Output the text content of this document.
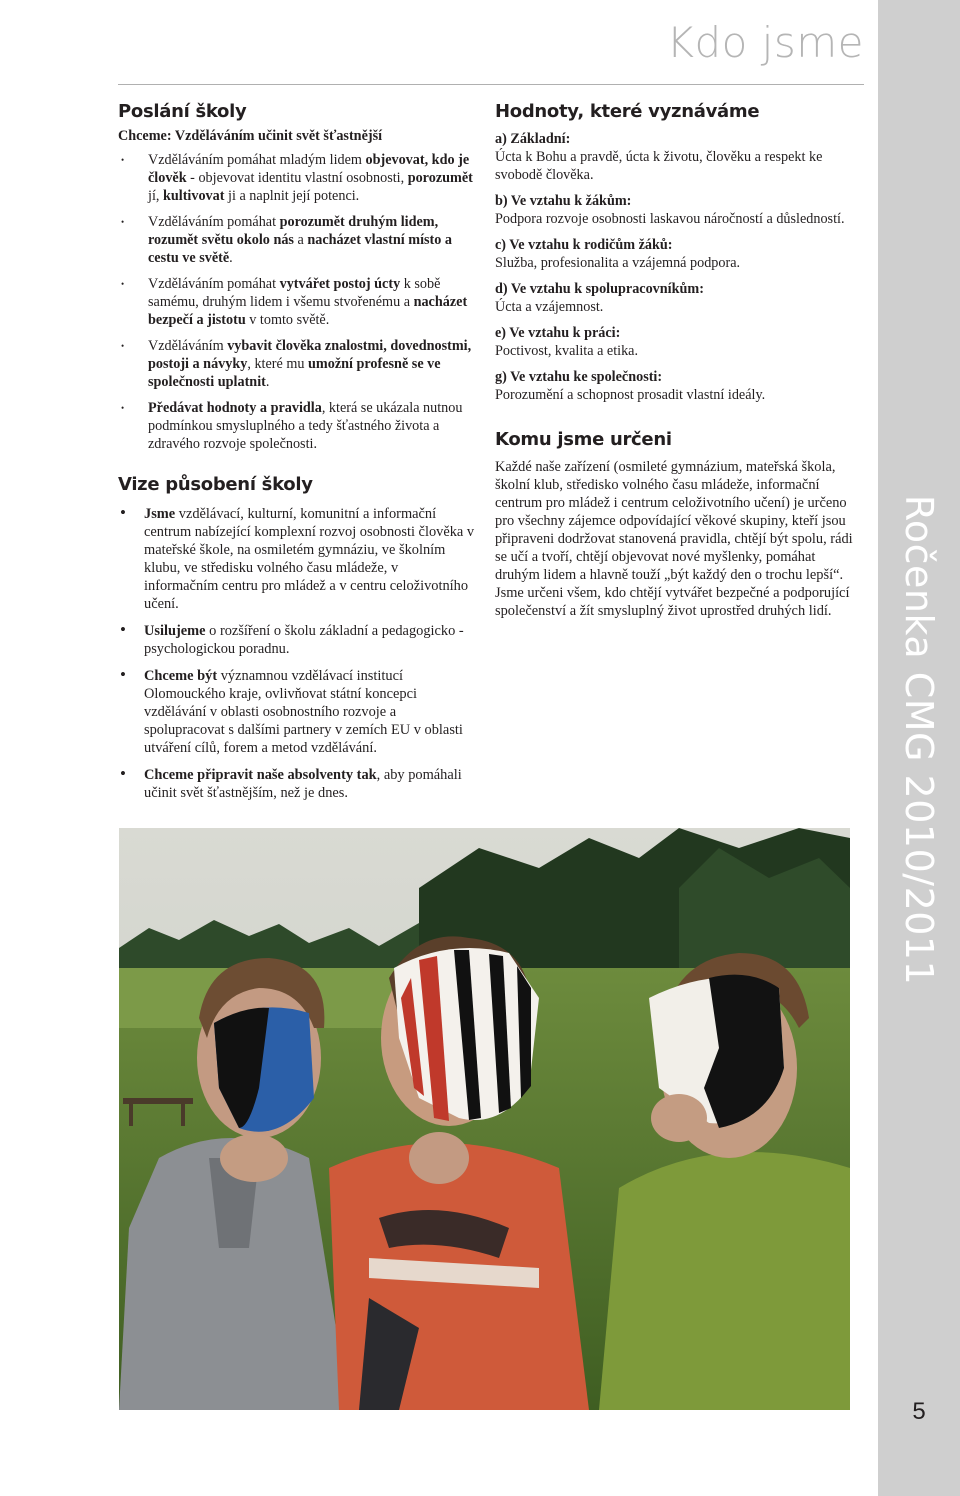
Kdo jsme
Ročenka CMG 2010/2011
5
Poslání školy
Chceme: Vzděláváním učinit svět šťastnější
• Vzděláváním pomáhat mladým lidem objevovat, kdo je člověk - objevovat identitu vlastní osobnosti, porozumět jí, kultivovat ji a naplnit její potenci.
• Vzděláváním pomáhat porozumět druhým lidem, rozumět světu okolo nás a nacházet vlastní místo a cestu ve světě.
• Vzděláváním pomáhat vytvářet postoj úcty k sobě samému, druhým lidem i všemu stvořenému a nacházet bezpečí a jistotu v tomto světě.
• Vzděláváním vybavit člověka znalostmi, dovednostmi, postoji a návyky, které mu umožní profesně se ve společnosti uplatnit.
• Předávat hodnoty a pravidla, která se ukázala nutnou podmínkou smysluplného a tedy šťastného života a zdravého rozvoje společnosti.
Vize působení školy
• Jsme vzdělávací, kulturní, komunitní a informační centrum nabízející komplexní rozvoj osobnosti člověka v mateřské škole, na osmiletém gymnáziu, ve školním klubu, ve středisku volného času mládeže, v informačním centru pro mládež a v centru celoživotního učení.
• Usilujeme o rozšíření o školu základní a pedagogicko - psychologickou poradnu.
• Chceme být významnou vzdělávací institucí Olomouckého kraje, ovlivňovat státní koncepci vzdělávání v oblasti osobnostního rozvoje a spolupracovat s dalšími partnery v zemích EU v oblasti utváření cílů, forem a metod vzdělávání.
• Chceme připravit naše absolventy tak, aby pomáhali učinit svět šťastnějším, než je dnes.
Hodnoty, které vyznáváme
a) Základní:
Úcta k Bohu a pravdě, úcta k životu, člověku a respekt ke svobodě člověka.
b) Ve vztahu k žákům:
Podpora rozvoje osobnosti laskavou náročností a důsledností.
c) Ve vztahu k rodičům žáků:
Služba, profesionalita a vzájemná podpora.
d) Ve vztahu k spolupracovníkům:
Úcta a vzájemnost.
e) Ve vztahu k práci:
Poctivost, kvalita a etika.
g) Ve vztahu ke společnosti:
Porozumění a schopnost prosadit vlastní ideály.
Komu jsme určeni
Každé naše zařízení (osmileté gymnázium, mateřská škola, školní klub, středisko volného času mládeže, informační centrum pro mládež i centrum celoživotního učení) je určeno pro všechny zájemce odpovídající věkové skupiny, kteří jsou připraveni dodržovat stanovená pravidla, chtějí být spolu, rádi se učí a tvoří, chtějí objevovat nové myšlenky, pomáhat druhým lidem a hlavně touží „být každý den o trochu lepší“. Jsme určeni všem, kdo chtějí vytvářet bezpečné a podporující společenství a žít smysluplný život uprostřed druhých lidí.
